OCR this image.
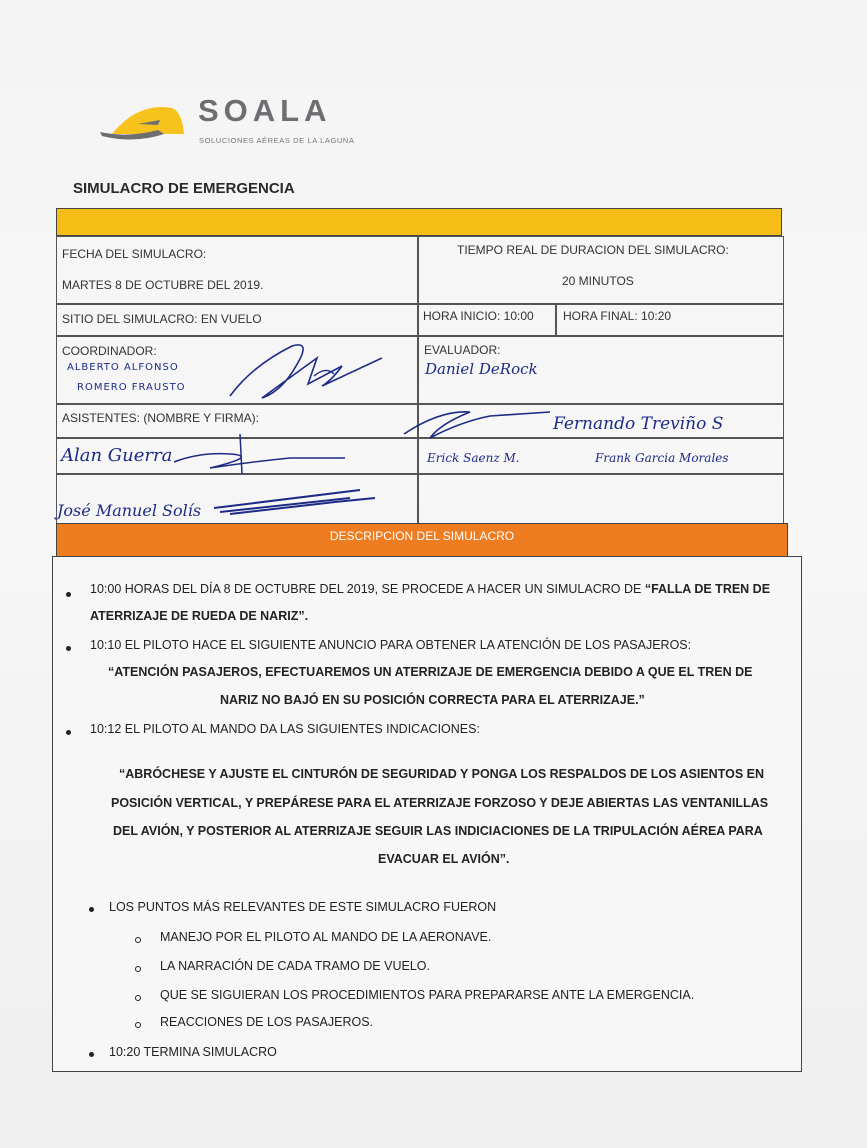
SOALA
SOLUCIONES AÉREAS DE LA LAGUNA
SIMULACRO DE EMERGENCIA
FECHA DEL SIMULACRO:
MARTES 8 DE OCTUBRE DEL 2019.
TIEMPO REAL DE DURACION DEL SIMULACRO:
20 MINUTOS
SITIO DEL SIMULACRO: EN VUELO	HORA INICIO: 10:00 HORA FINAL: 10:20
COORDINADOR:
ALBERTO ALFONSO
ROMERO FRAUSTO
EVALUADOR:
Daniel DeRock
ASISTENTES: (NOMBRE Y FIRMA):	Fernando Treviño S
Alan Guerra	Erick Saenz M.	Frank Garcia Morales
José Manuel Solís
DESCRIPCION DEL SIMULACRO
10:00 HORAS DEL DÍA 8 DE OCTUBRE DEL 2019, SE PROCEDE A HACER UN SIMULACRO DE “FALLA DE TREN DE
ATERRIZAJE DE RUEDA DE NARIZ”.
10:10 EL PILOTO HACE EL SIGUIENTE ANUNCIO PARA OBTENER LA ATENCIÓN DE LOS PASAJEROS:
“ATENCIÓN PASAJEROS, EFECTUAREMOS UN ATERRIZAJE DE EMERGENCIA DEBIDO A QUE EL TREN DE
NARIZ NO BAJÓ EN SU POSICIÓN CORRECTA PARA EL ATERRIZAJE.”
10:12 EL PILOTO AL MANDO DA LAS SIGUIENTES INDICACIONES:
“ABRÓCHESE Y AJUSTE EL CINTURÓN DE SEGURIDAD Y PONGA LOS RESPALDOS DE LOS ASIENTOS EN
POSICIÓN VERTICAL, Y PREPÁRESE PARA EL ATERRIZAJE FORZOSO Y DEJE ABIERTAS LAS VENTANILLAS
DEL AVIÓN, Y POSTERIOR AL ATERRIZAJE SEGUIR LAS INDICIACIONES DE LA TRIPULACIÓN AÉREA PARA
EVACUAR EL AVIÓN”.
LOS PUNTOS MÁS RELEVANTES DE ESTE SIMULACRO FUERON
MANEJO POR EL PILOTO AL MANDO DE LA AERONAVE.
LA NARRACIÓN DE CADA TRAMO DE VUELO.
QUE SE SIGUIERAN LOS PROCEDIMIENTOS PARA PREPARARSE ANTE LA EMERGENCIA.
REACCIONES DE LOS PASAJEROS.
10:20 TERMINA SIMULACRO
